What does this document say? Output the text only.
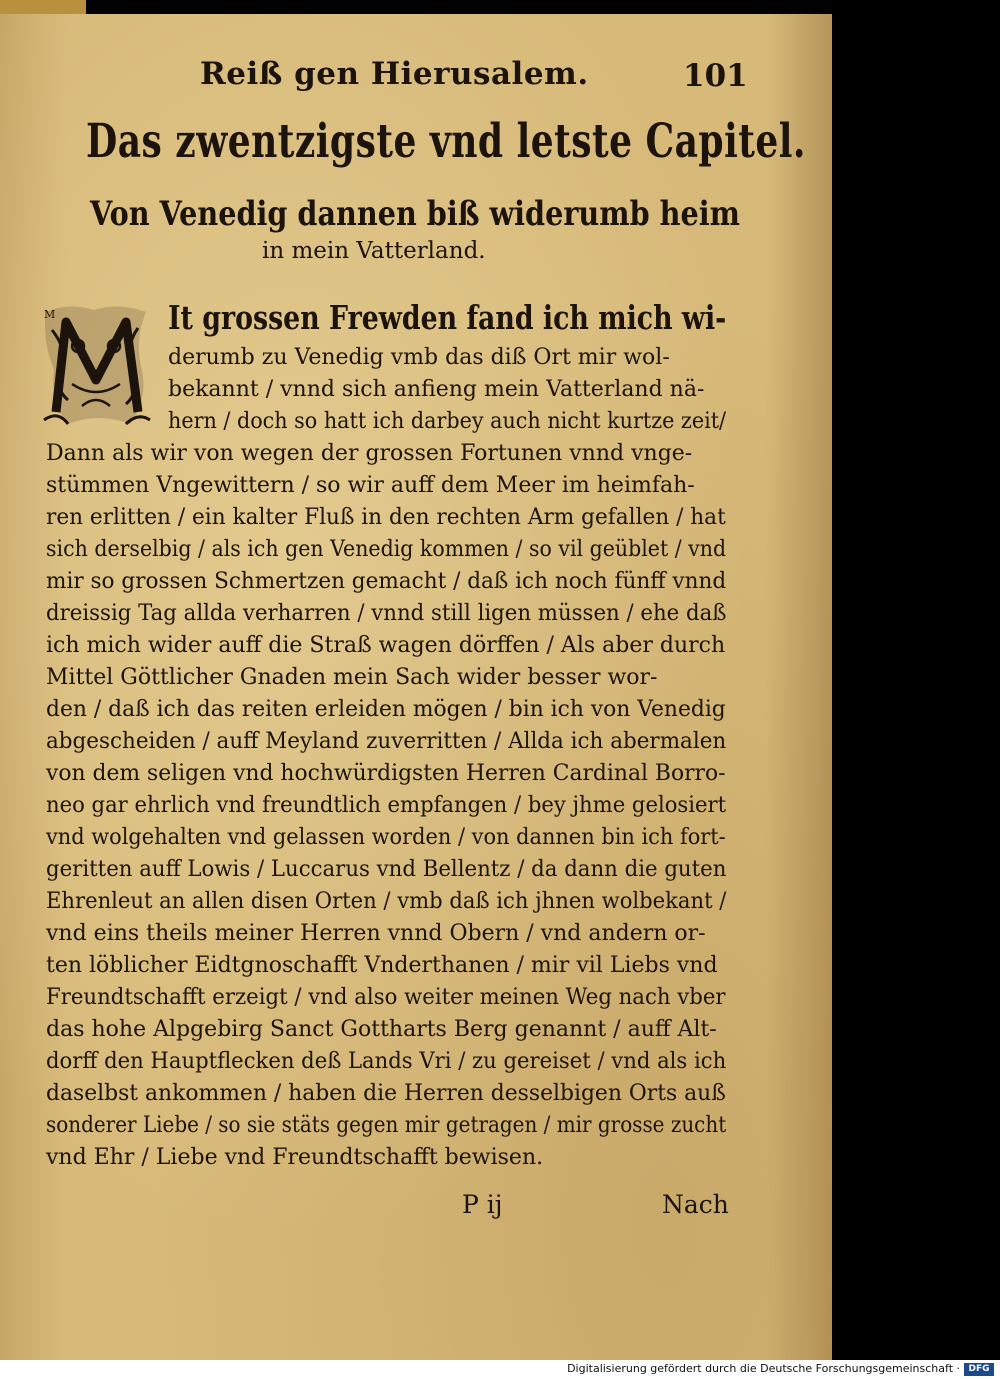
Reiß gen Hierusalem.	101
Das zwentzigste vnd letste Capitel.
Von Venedig dannen biß widerumb heim
in mein Vatterland.
M	It grossen Frewden fand ich mich wi-
derumb zu Venedig vmb das diß Ort mir wol-
bekannt / vnnd sich anfieng mein Vatterland nä-
hern / doch so hatt ich darbey auch nicht kurtze zeit/
Dann als wir von wegen der grossen Fortunen vnnd vnge-
stümmen Vngewittern / so wir auff dem Meer im heimfah-
ren erlitten / ein kalter Fluß in den rechten Arm gefallen / hat
sich derselbig / als ich gen Venedig kommen / so vil geüblet / vnd
mir so grossen Schmertzen gemacht / daß ich noch fünff vnnd
dreissig Tag allda verharren / vnnd still ligen müssen / ehe daß
ich mich wider auff die Straß wagen dörffen / Als aber durch
Mittel Göttlicher Gnaden mein Sach wider besser wor-
den / daß ich das reiten erleiden mögen / bin ich von Venedig
abgescheiden / auff Meyland zuverritten / Allda ich abermalen
von dem seligen vnd hochwürdigsten Herren Cardinal Borro-
neo gar ehrlich vnd freundtlich empfangen / bey jhme gelosiert
vnd wolgehalten vnd gelassen worden / von dannen bin ich fort-
geritten auff Lowis / Luccarus vnd Bellentz / da dann die guten
Ehrenleut an allen disen Orten / vmb daß ich jhnen wolbekant /
vnd eins theils meiner Herren vnnd Obern / vnd andern or-
ten löblicher Eidtgnoschafft Vnderthanen / mir vil Liebs vnd
Freundtschafft erzeigt / vnd also weiter meinen Weg nach vber
das hohe Alpgebirg Sanct Gottharts Berg genannt / auff Alt-
dorff den Hauptflecken deß Lands Vri / zu gereiset / vnd als ich
daselbst ankommen / haben die Herren desselbigen Orts auß
sonderer Liebe / so sie stäts gegen mir getragen / mir grosse zucht
vnd Ehr / Liebe vnd Freundtschafft bewisen.
P ij	Nach
Digitalisierung gefördert durch die Deutsche Forschungsgemeinschaft · DFG
